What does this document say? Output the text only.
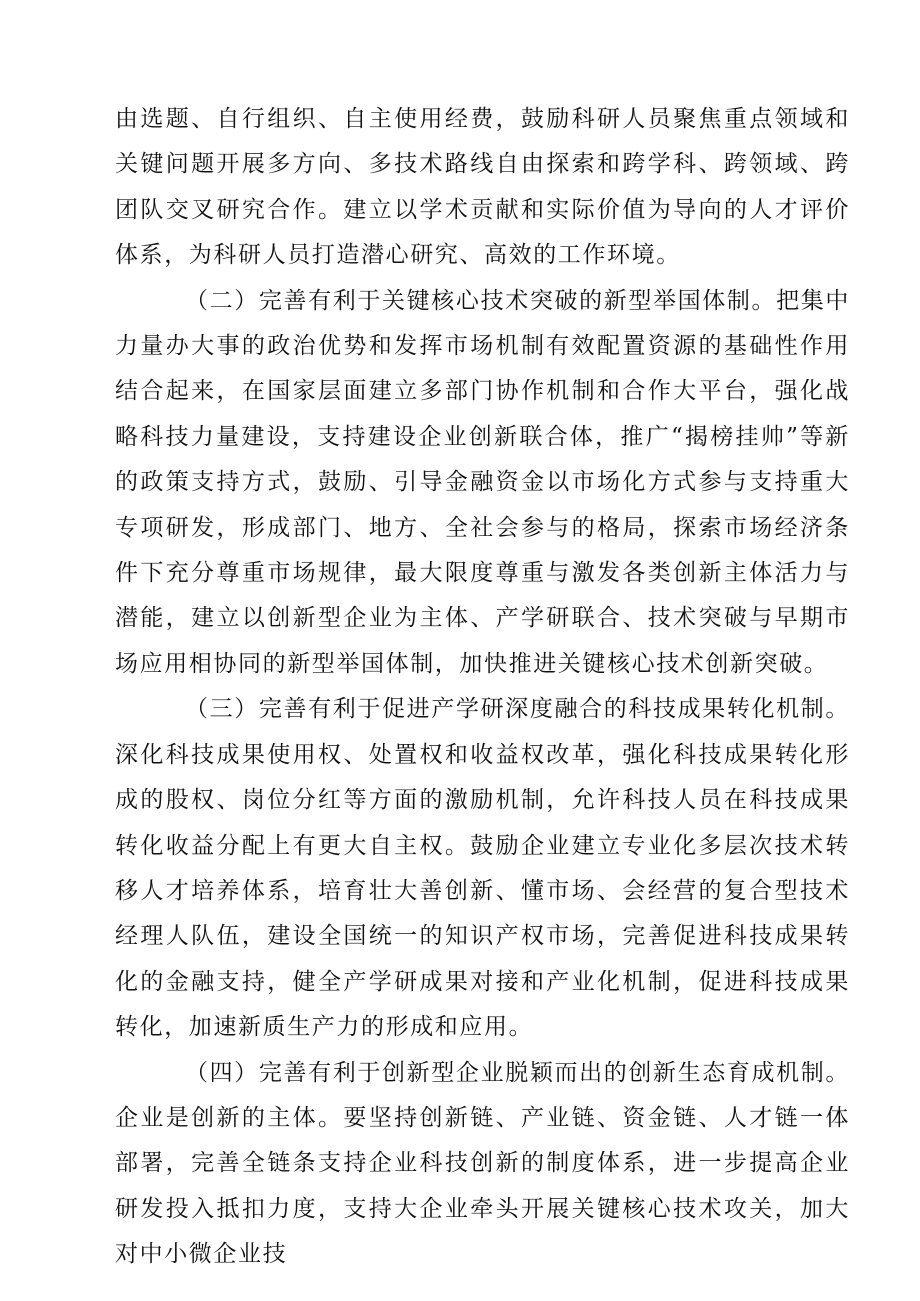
由选题、自行组织、自主使用经费，鼓励科研人员聚焦重点领域和关键问题开展多方向、多技术路线自由探索和跨学科、跨领域、跨团队交叉研究合作。建立以学术贡献和实际价值为导向的人才评价体系，为科研人员打造潜心研究、高效的工作环境。

（二）完善有利于关键核心技术突破的新型举国体制。把集中力量办大事的政治优势和发挥市场机制有效配置资源的基础性作用结合起来，在国家层面建立多部门协作机制和合作大平台，强化战略科技力量建设，支持建设企业创新联合体，推广“揭榜挂帅”等新的政策支持方式，鼓励、引导金融资金以市场化方式参与支持重大专项研发，形成部门、地方、全社会参与的格局，探索市场经济条件下充分尊重市场规律，最大限度尊重与激发各类创新主体活力与潜能，建立以创新型企业为主体、产学研联合、技术突破与早期市场应用相协同的新型举国体制，加快推进关键核心技术创新突破。

（三）完善有利于促进产学研深度融合的科技成果转化机制。深化科技成果使用权、处置权和收益权改革，强化科技成果转化形成的股权、岗位分红等方面的激励机制，允许科技人员在科技成果转化收益分配上有更大自主权。鼓励企业建立专业化多层次技术转移人才培养体系，培育壮大善创新、懂市场、会经营的复合型技术经理人队伍，建设全国统一的知识产权市场，完善促进科技成果转化的金融支持，健全产学研成果对接和产业化机制，促进科技成果转化，加速新质生产力的形成和应用。

（四）完善有利于创新型企业脱颖而出的创新生态育成机制。企业是创新的主体。要坚持创新链、产业链、资金链、人才链一体部署，完善全链条支持企业科技创新的制度体系，进一步提高企业研发投入抵扣力度，支持大企业牵头开展关键核心技术攻关，加大对中小微企业技
